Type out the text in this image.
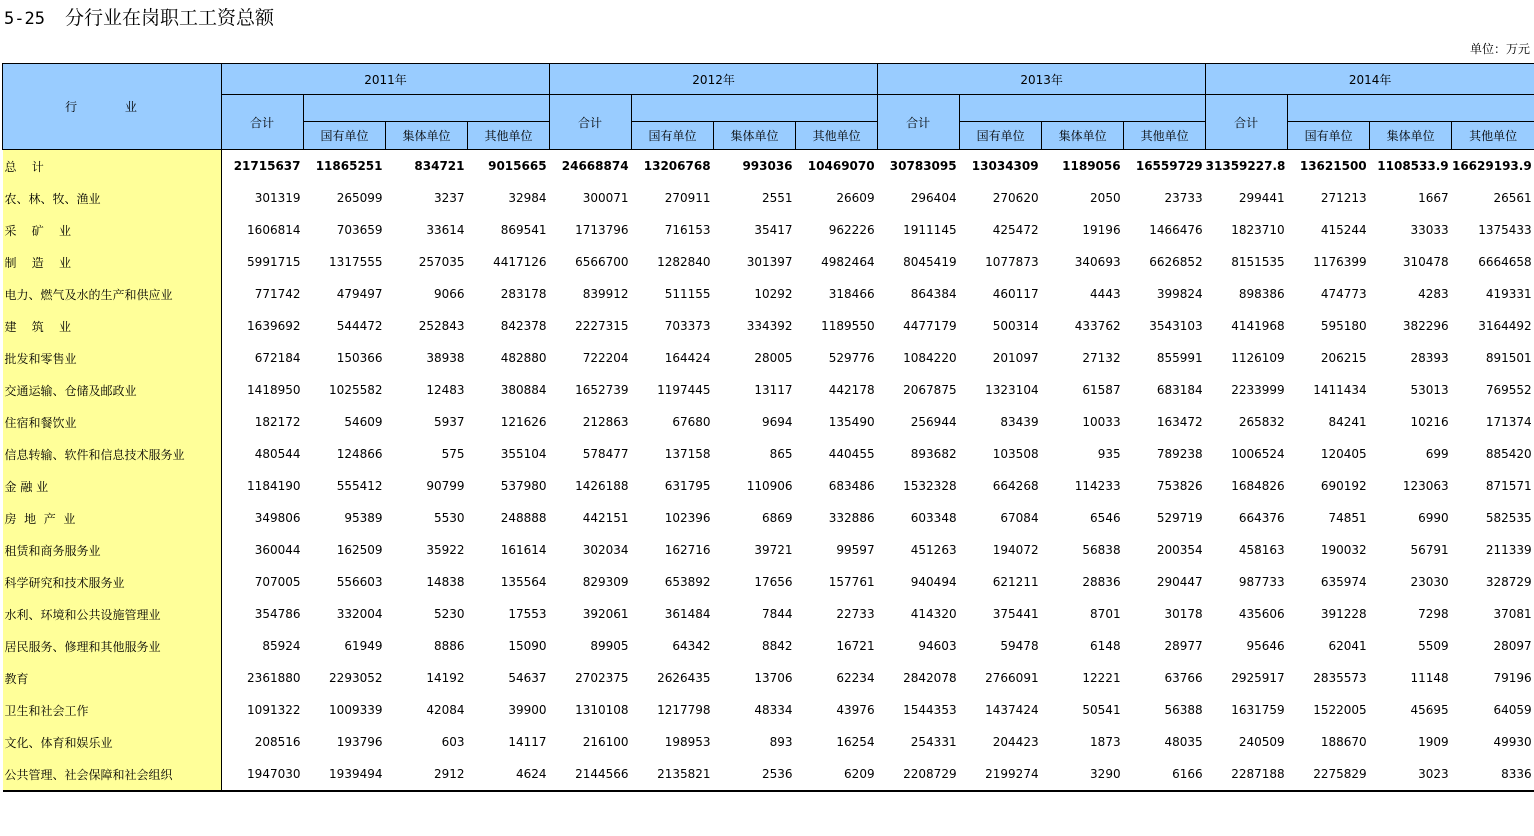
5-25 分行业在岗职工工资总额
单位：万元
行 业	2011年				2012年				2013年				2014年			
	合计				合计				合计				合计			
		国有单位	集体单位	其他单位		国有单位	集体单位	其他单位		国有单位	集体单位	其他单位		国有单位	集体单位	其他单位
总    计	21715637	11865251	834721	9015665	24668874	13206768	993036	10469070	30783095	13034309	1189056	16559729	31359227.8	13621500	1108533.9	16629193.9
农、林、牧、渔业	301319	265099	3237	32984	300071	270911	2551	26609	296404	270620	2050	23733	299441	271213	1667	26561
采    矿    业	1606814	703659	33614	869541	1713796	716153	35417	962226	1911145	425472	19196	1466476	1823710	415244	33033	1375433
制    造    业	5991715	1317555	257035	4417126	6566700	1282840	301397	4982464	8045419	1077873	340693	6626852	8151535	1176399	310478	6664658
电力、燃气及水的生产和供应业	771742	479497	9066	283178	839912	511155	10292	318466	864384	460117	4443	399824	898386	474773	4283	419331
建    筑    业	1639692	544472	252843	842378	2227315	703373	334392	1189550	4477179	500314	433762	3543103	4141968	595180	382296	3164492
批发和零售业	672184	150366	38938	482880	722204	164424	28005	529776	1084220	201097	27132	855991	1126109	206215	28393	891501
交通运输、仓储及邮政业	1418950	1025582	12483	380884	1652739	1197445	13117	442178	2067875	1323104	61587	683184	2233999	1411434	53013	769552
住宿和餐饮业	182172	54609	5937	121626	212863	67680	9694	135490	256944	83439	10033	163472	265832	84241	10216	171374
信息转输、软件和信息技术服务业	480544	124866	575	355104	578477	137158	865	440455	893682	103508	935	789238	1006524	120405	699	885420
金 融 业	1184190	555412	90799	537980	1426188	631795	110906	683486	1532328	664268	114233	753826	1684826	690192	123063	871571
房  地  产  业	349806	95389	5530	248888	442151	102396	6869	332886	603348	67084	6546	529719	664376	74851	6990	582535
租赁和商务服务业	360044	162509	35922	161614	302034	162716	39721	99597	451263	194072	56838	200354	458163	190032	56791	211339
科学研究和技术服务业	707005	556603	14838	135564	829309	653892	17656	157761	940494	621211	28836	290447	987733	635974	23030	328729
水利、环境和公共设施管理业	354786	332004	5230	17553	392061	361484	7844	22733	414320	375441	8701	30178	435606	391228	7298	37081
居民服务、修理和其他服务业	85924	61949	8886	15090	89905	64342	8842	16721	94603	59478	6148	28977	95646	62041	5509	28097
教育	2361880	2293052	14192	54637	2702375	2626435	13706	62234	2842078	2766091	12221	63766	2925917	2835573	11148	79196
卫生和社会工作	1091322	1009339	42084	39900	1310108	1217798	48334	43976	1544353	1437424	50541	56388	1631759	1522005	45695	64059
文化、体育和娱乐业	208516	193796	603	14117	216100	198953	893	16254	254331	204423	1873	48035	240509	188670	1909	49930
公共管理、社会保障和社会组织	1947030	1939494	2912	4624	2144566	2135821	2536	6209	2208729	2199274	3290	6166	2287188	2275829	3023	8336
